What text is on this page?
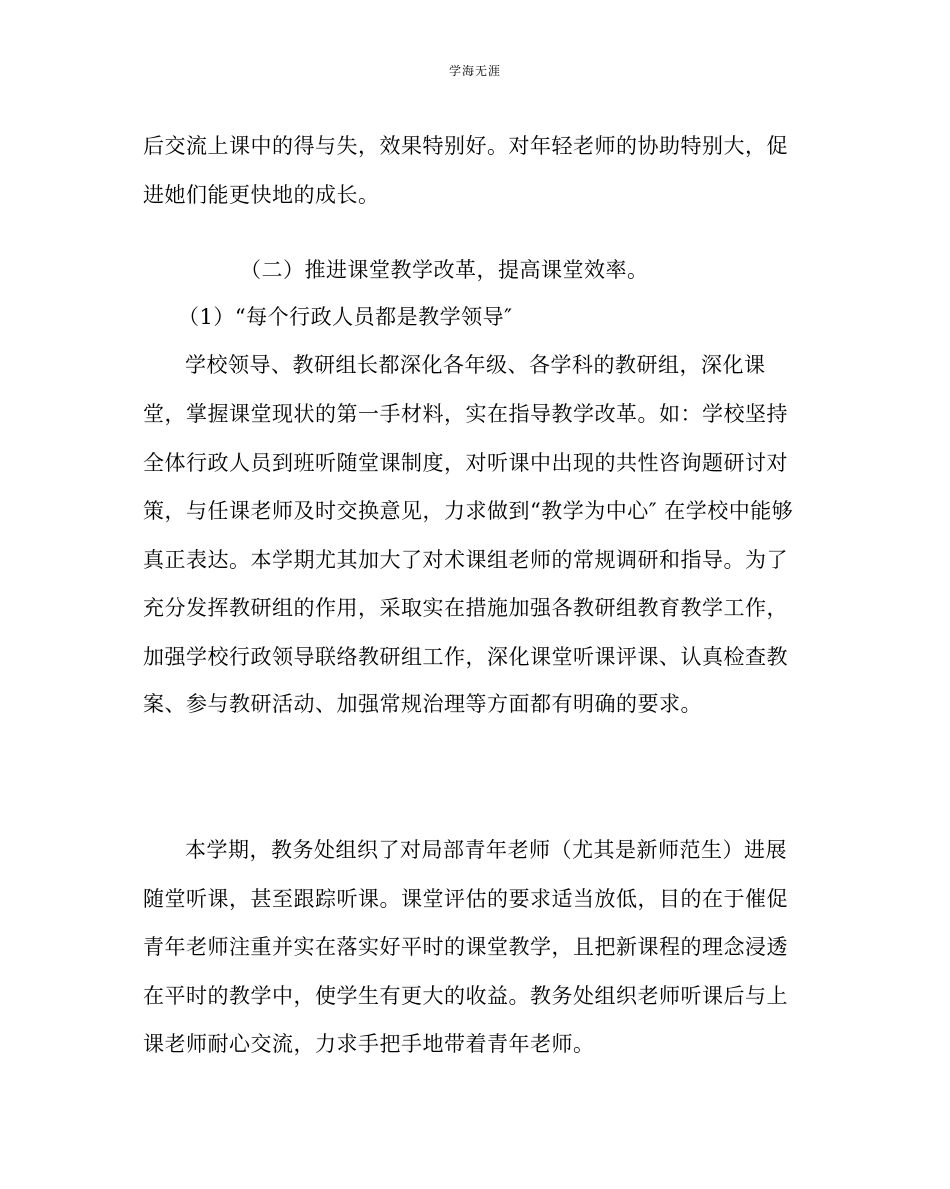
学海无涯
后交流上课中的得与失，效果特别好。对年轻老师的协助特别大，促
进她们能更快地的成长。
（二）推进课堂教学改革，提高课堂效率。
（1）“每个行政人员都是教学领导″
学校领导、教研组长都深化各年级、各学科的教研组，深化课
堂，掌握课堂现状的第一手材料，实在指导教学改革。如：学校坚持
全体行政人员到班听随堂课制度，对听课中出现的共性咨询题研讨对
策，与任课老师及时交换意见，力求做到“教学为中心″ 在学校中能够
真正表达。本学期尤其加大了对术课组老师的常规调研和指导。为了
充分发挥教研组的作用，采取实在措施加强各教研组教育教学工作，
加强学校行政领导联络教研组工作，深化课堂听课评课、认真检查教
案、参与教研活动、加强常规治理等方面都有明确的要求。
本学期，教务处组织了对局部青年老师（尤其是新师范生）进展
随堂听课，甚至跟踪听课。课堂评估的要求适当放低，目的在于催促
青年老师注重并实在落实好平时的课堂教学，且把新课程的理念浸透
在平时的教学中，使学生有更大的收益。教务处组织老师听课后与上
课老师耐心交流，力求手把手地带着青年老师。
